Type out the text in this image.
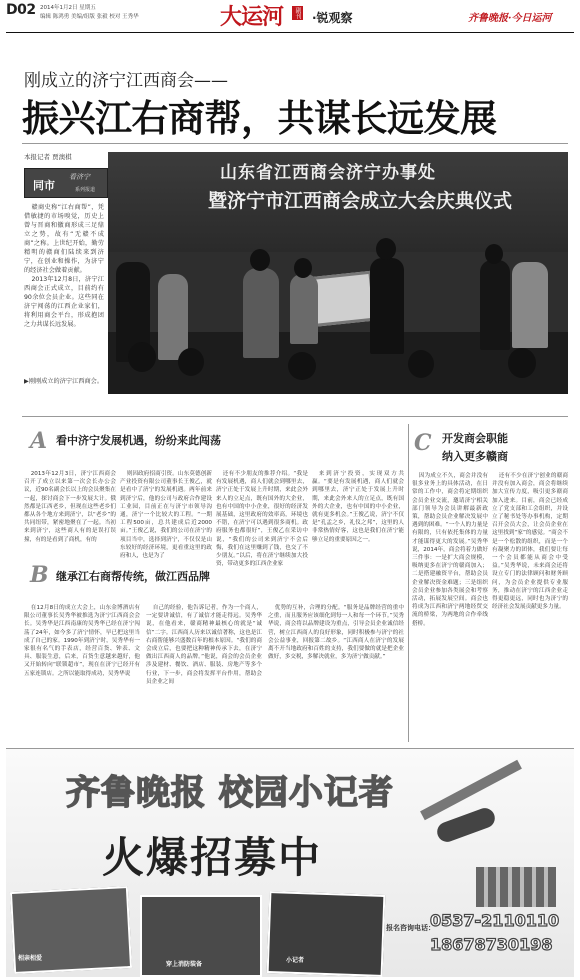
D02 2014年1月2日 星期五
编辑 陈鸿勇 美编/组版 张毅 校对 王秀华	大运河	副刊 ·锐观察	齐鲁晚报·今日运河
刚成立的济宁江西商会——
振兴江右商帮，共谋长远发展
本报记者 贾澳棋
同市
看济宁
系列报道

赣商史称“江右商帮”，凭借敏捷的市场嗅觉，历史上曾与晋商和徽商形成三足鼎立之势，故有“无赣不成商”之称。上世纪开始，勤劳精明的赣商们陆续来到济宁，在创业和操作，为济宁的经济社会做着贡献。

2013年12月8日，济宁江西商会正式成立，目前约有90余位会员企业。这些同在济宁闯荡的江西企业家们，将利用商会平台，形成抱团之力共谋长远发展。

山东省江西商会济宁办事处
暨济宁市江西商会成立大会庆典仪式
▶刚刚成立的济宁江西商会。
A 看中济宁发展机遇，纷纷来此闯荡

2013年12月3日，济宁江西商会召开了成立以来第一次会长办公会议，近90名副会长以上的会员聚集在一起，探讨商会下一步发展大计。俄然都是江西老乡，但现在这些老乡们都从各个地方来到济宁，以“老乡”的共同纽带，紧密地聚在了一起。当初来到济宁，这些商人有的是误打误撞，有的是看到了商机，有的

则因政府招商引资。山东莫德创新产业投资有限公司董事长王俊乙，就是看中了济宁的发展机遇。两年前来到济宁后，他的公司与政府合作建设工业园，目前正在与济宁市领导沟通，济宁一个比较大的工程。“一期工程500亩，总共建成后近2000亩。”王俊乙说，我们的公司在济宁的项目当中，选择到济宁，不仅仅是山东较好的经济环境，更看重这里的政府和人，也是为了

还有不少朋友的推荐介绍。“我是有发展机遇，商人们就会到哪里去，济宁正处于发展上升时期，来此会外来人的立足点，既有国外的大企业，也有中国的中小企业，很好的经济发展基础，这里政府的效率高，环境也不错，在济宁可以遇到很多商机。政府服务也都很好”，王俊乙在采访中说，“我们的公司来到济宁不会后悔，我们在这里赚到了钱，也交了不少朋友。”以后，将在济宁继续加大投资，带动更多的江西企业家

来到济宁投资，实现双方共赢。“要是有发展机遇，商人们就会到哪里去，济宁正处于发展上升时期，来此会外来人的立足点，既有国外的大企业，也有中国的中小企业，就有更多机会。”王俊乙说，济宁不仅是“孔孟之乡，礼仪之邦”，这里的人非常热情好客，这也是我们在济宁能够立足的重要原因之一。

B 继承江右商帮传统，做江西品牌

在12月8日的成立大会上，山东金博酒店有限公司董事长吴秀华被推选为济宁江西商会会长。吴秀华是江西南康的吴秀华已经在济宁闯荡了24年，如今多了济宁情怀，早已把这里当成了自己的家。1990年到济宁时，吴秀华有一家很有名气的手表店，经营百货、钟表、文具、服装生意，后来，百货生意越来越好，他又开始转向“联锁超市”，现在在济宁已经开有五家连锁店。之所以能取得成功，吴秀华说

自己的经验，他告诉记者，作为一个商人，一定要讲诚信，有了诚信才能走得远。吴秀华说，在他看来，赣商精神最核心的就是“诚信”二字。江西商人历来以诚信著称，这也是江右商帮能够兴盛数百年的根本原因。“我们的商会成立后，也要把这种精神传承下去，在济宁做出江西商人的品牌。”他说，商会的会员企业涉及建材、餐饮、酒店、服装、房地产等多个行业，下一步，商会将发挥平台作用，帮助会员企业之间

优势的互补，合理的分配。“服务是品牌经营的重中之重，而且服务应该细化到每一人和每一个环节。”吴秀华说，商会将以品牌建设为重点，引导会员企业诚信经营，树立江西商人的良好形象，同时积极参与济宁的社会公益事业，回报第二故乡。“江西商人在济宁的发展离不开当地政府和百姓的支持，我们要做的就是把企业做好，多交税，多解决就业，多为济宁做贡献。”

C 开发商会职能
纳入更多赣商

因为成立不久，商会并没有很多业务上的具体活动，在日常的工作中，商会将定期组织会员企业交流，邀请济宁相关部门领导为会员讲解最新政策，帮助会员企业解决发展中遇到的困难。“一个人的力量是有限的，只有依托集体的力量才能谋得更大的发展。”吴秀华说，2014年，商会将着力做好三件事：一是扩大商会规模，吸纳更多在济宁的赣商加入；二是搭建融资平台，帮助会员企业解决资金难题；三是组织会员企业参加各类展会和考察活动，拓展发展空间。商会也将成为江西和济宁两地经贸交流的桥梁，为两地的合作牵线搭桥。

还有不少在济宁创业的赣商并没有加入商会，商会将继续加大宣传力度，吸引更多赣商加入进来。目前，商会已经成立了党支部和工会组织，并设立了秘书处等办事机构，定期召开会员大会，让会员企业在这里找到“家”的感觉。“商会不是一个松散的组织，而是一个有凝聚力的团体，我们要让每一个会员都能从商会中受益。”吴秀华说，未来商会还将设立专门的法律顾问和财务顾问，为会员企业提供专业服务，推动在济宁的江西企业走得更稳更远，同时也为济宁的经济社会发展贡献更多力量。

齐鲁晚报 校园小记者
火爆招募中
相亲相爱
穿上消防装备
小记者
报名咨询电话：
0537-2110110
18678730198
